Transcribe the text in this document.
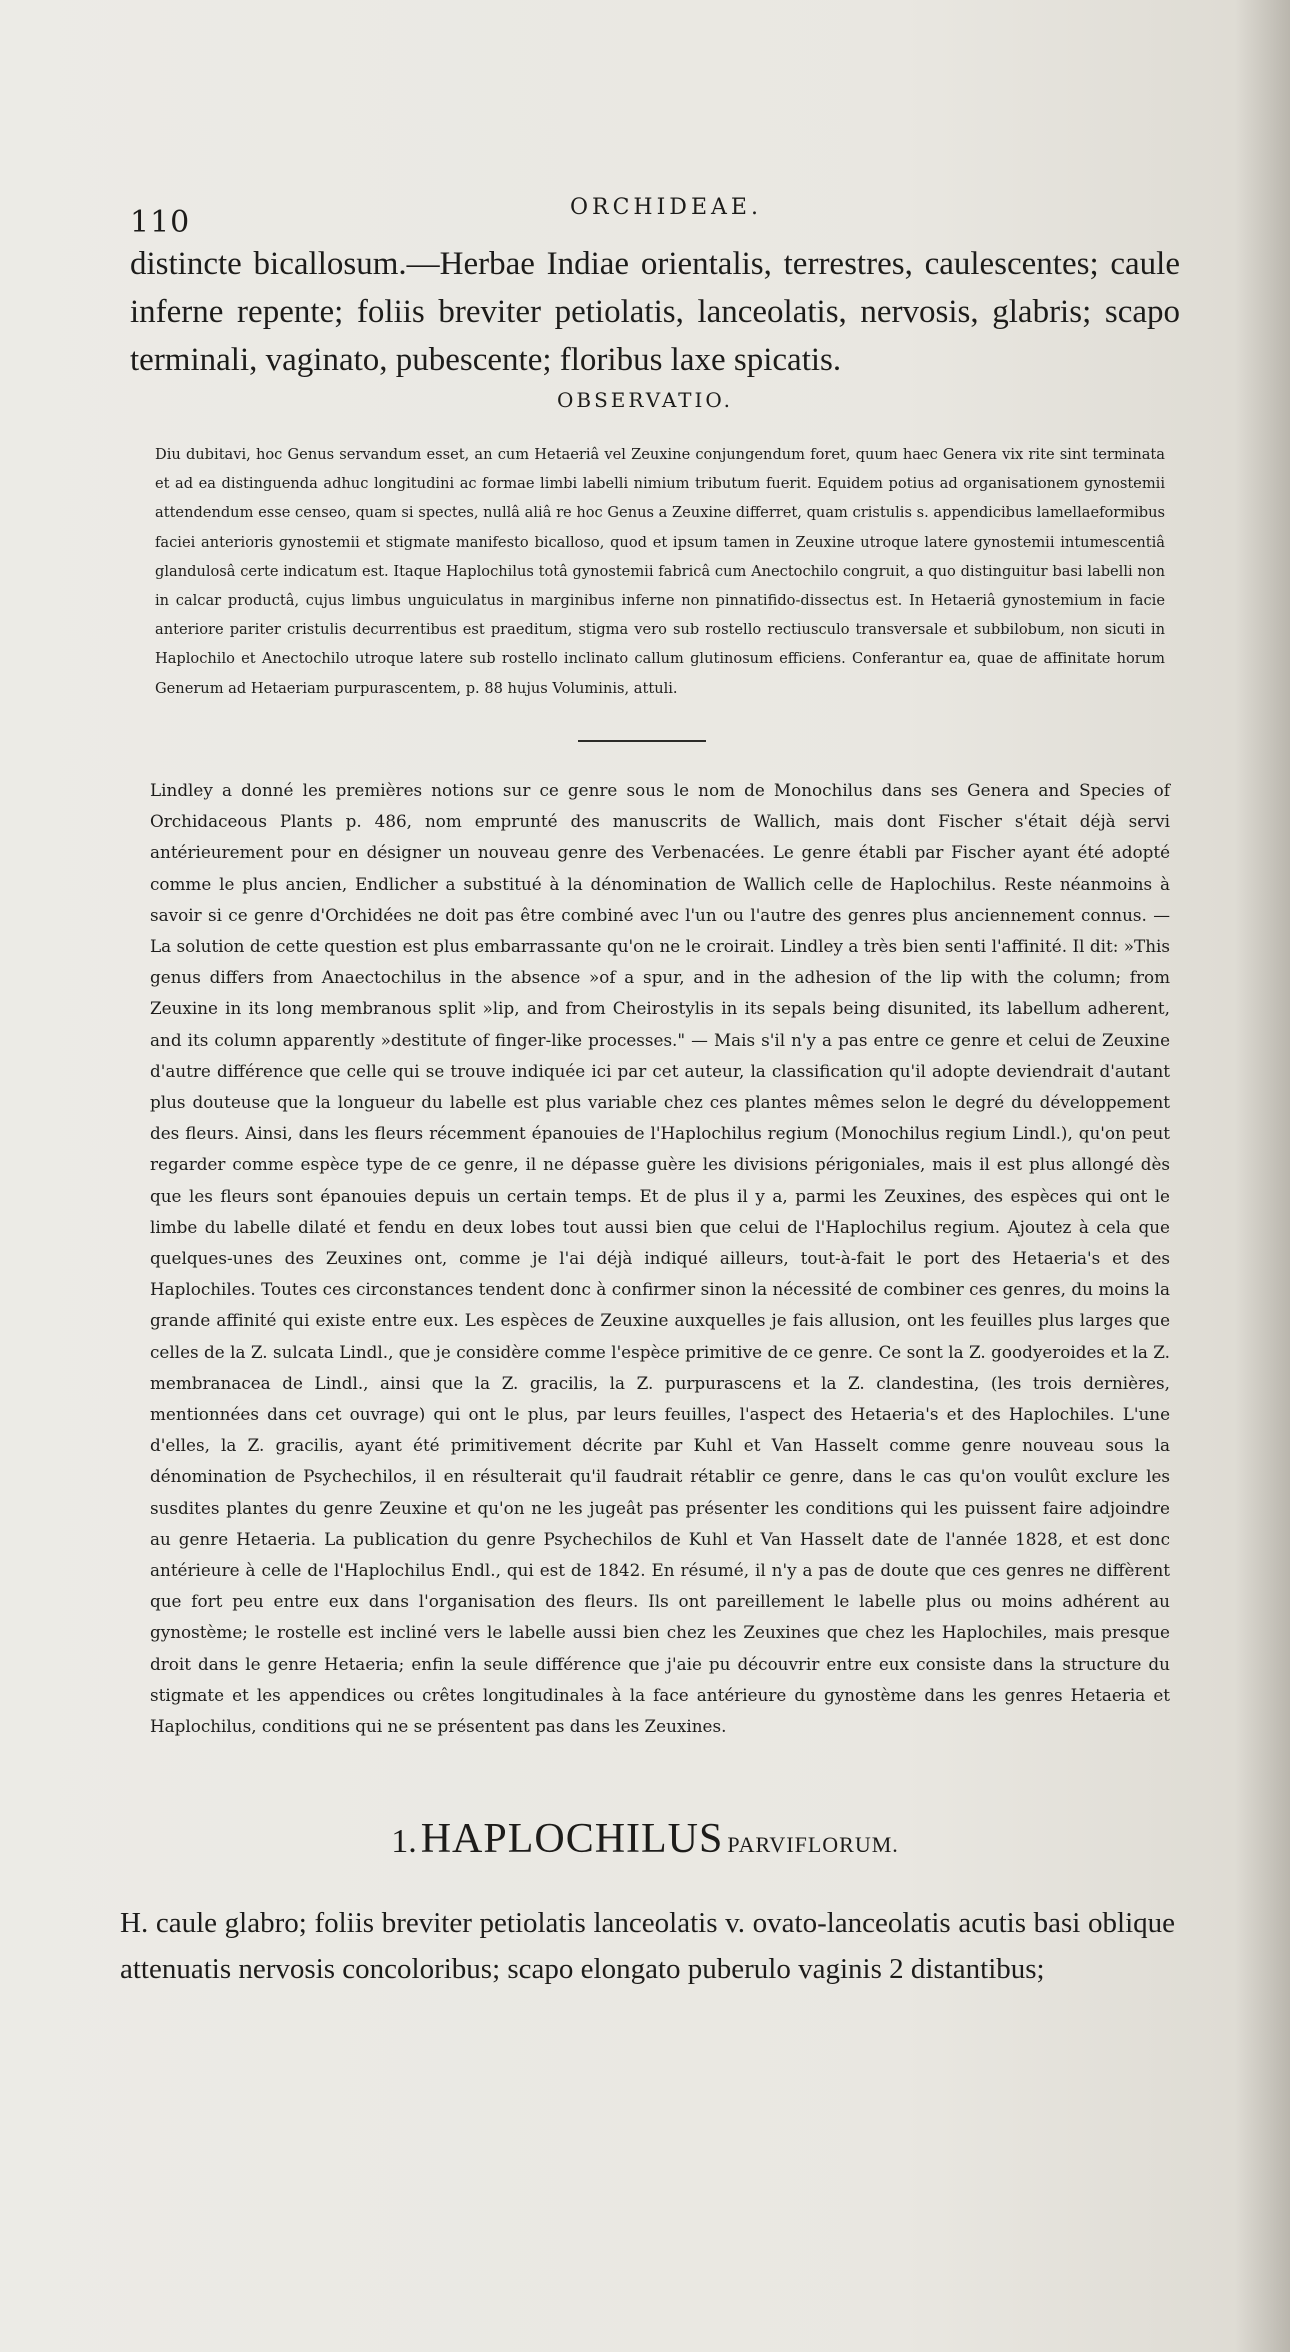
110	ORCHIDEAE.
distincte bicallosum.—Herbae Indiae orientalis, terrestres, caulescentes; caule inferne repente; foliis breviter petiolatis, lanceolatis, nervosis, glabris; scapo terminali, vaginato, pubescente; floribus laxe spicatis.
OBSERVATIO.
Diu dubitavi, hoc Genus servandum esset, an cum Hetaeriâ vel Zeuxine conjungendum foret, quum haec Genera vix rite sint terminata et ad ea distinguenda adhuc longitudini ac formae limbi labelli nimium tributum fuerit. Equidem potius ad organisationem gynostemii attendendum esse censeo, quam si spectes, nullâ aliâ re hoc Genus a Zeuxine differret, quam cristulis s. appendicibus lamellaeformibus faciei anterioris gynostemii et stigmate manifesto bicalloso, quod et ipsum tamen in Zeuxine utroque latere gynostemii intumescentiâ glandulosâ certe indicatum est. Itaque Haplochilus totâ gynostemii fabricâ cum Anectochilo congruit, a quo distinguitur basi labelli non in calcar productâ, cujus limbus unguiculatus in marginibus inferne non pinnatifido-dissectus est. In Hetaeriâ gynostemium in facie anteriore pariter cristulis decurrentibus est praeditum, stigma vero sub rostello rectiusculo transversale et subbilobum, non sicuti in Haplochilo et Anectochilo utroque latere sub rostello inclinato callum glutinosum efficiens. Conferantur ea, quae de affinitate horum Generum ad Hetaeriam purpurascentem, p. 88 hujus Voluminis, attuli.
Lindley a donné les premières notions sur ce genre sous le nom de Monochilus dans ses Genera and Species of Orchidaceous Plants p. 486, nom emprunté des manuscrits de Wallich, mais dont Fischer s'était déjà servi antérieurement pour en désigner un nouveau genre des Verbenacées. Le genre établi par Fischer ayant été adopté comme le plus ancien, Endlicher a substitué à la dénomination de Wallich celle de Haplochilus. Reste néanmoins à savoir si ce genre d'Orchidées ne doit pas être combiné avec l'un ou l'autre des genres plus anciennement connus. — La solution de cette question est plus embarrassante qu'on ne le croirait. Lindley a très bien senti l'affinité. Il dit: »This genus differs from Anaectochilus in the absence »of a spur, and in the adhesion of the lip with the column; from Zeuxine in its long membranous split »lip, and from Cheirostylis in its sepals being disunited, its labellum adherent, and its column apparently »destitute of finger-like processes." — Mais s'il n'y a pas entre ce genre et celui de Zeuxine d'autre différence que celle qui se trouve indiquée ici par cet auteur, la classification qu'il adopte deviendrait d'autant plus douteuse que la longueur du labelle est plus variable chez ces plantes mêmes selon le degré du développement des fleurs. Ainsi, dans les fleurs récemment épanouies de l'Haplochilus regium (Monochilus regium Lindl.), qu'on peut regarder comme espèce type de ce genre, il ne dépasse guère les divisions périgoniales, mais il est plus allongé dès que les fleurs sont épanouies depuis un certain temps. Et de plus il y a, parmi les Zeuxines, des espèces qui ont le limbe du labelle dilaté et fendu en deux lobes tout aussi bien que celui de l'Haplochilus regium. Ajoutez à cela que quelques-unes des Zeuxines ont, comme je l'ai déjà indiqué ailleurs, tout-à-fait le port des Hetaeria's et des Haplochiles. Toutes ces circonstances tendent donc à confirmer sinon la nécessité de combiner ces genres, du moins la grande affinité qui existe entre eux. Les espèces de Zeuxine auxquelles je fais allusion, ont les feuilles plus larges que celles de la Z. sulcata Lindl., que je considère comme l'espèce primitive de ce genre. Ce sont la Z. goodyeroides et la Z. membranacea de Lindl., ainsi que la Z. gracilis, la Z. purpurascens et la Z. clandestina, (les trois dernières, mentionnées dans cet ouvrage) qui ont le plus, par leurs feuilles, l'aspect des Hetaeria's et des Haplochiles. L'une d'elles, la Z. gracilis, ayant été primitivement décrite par Kuhl et Van Hasselt comme genre nouveau sous la dénomination de Psychechilos, il en résulterait qu'il faudrait rétablir ce genre, dans le cas qu'on voulût exclure les susdites plantes du genre Zeuxine et qu'on ne les jugeât pas présenter les conditions qui les puissent faire adjoindre au genre Hetaeria. La publication du genre Psychechilos de Kuhl et Van Hasselt date de l'année 1828, et est donc antérieure à celle de l'Haplochilus Endl., qui est de 1842. En résumé, il n'y a pas de doute que ces genres ne diffèrent que fort peu entre eux dans l'organisation des fleurs. Ils ont pareillement le labelle plus ou moins adhérent au gynostème; le rostelle est incliné vers le labelle aussi bien chez les Zeuxines que chez les Haplochiles, mais presque droit dans le genre Hetaeria; enfin la seule différence que j'aie pu découvrir entre eux consiste dans la structure du stigmate et les appendices ou crêtes longitudinales à la face antérieure du gynostème dans les genres Hetaeria et Haplochilus, conditions qui ne se présentent pas dans les Zeuxines.
1. HAPLOCHILUS PARVIFLORUM.
H. caule glabro; foliis breviter petiolatis lanceolatis v. ovato-lanceolatis acutis basi oblique attenuatis nervosis concoloribus; scapo elongato puberulo vaginis 2 distantibus;
